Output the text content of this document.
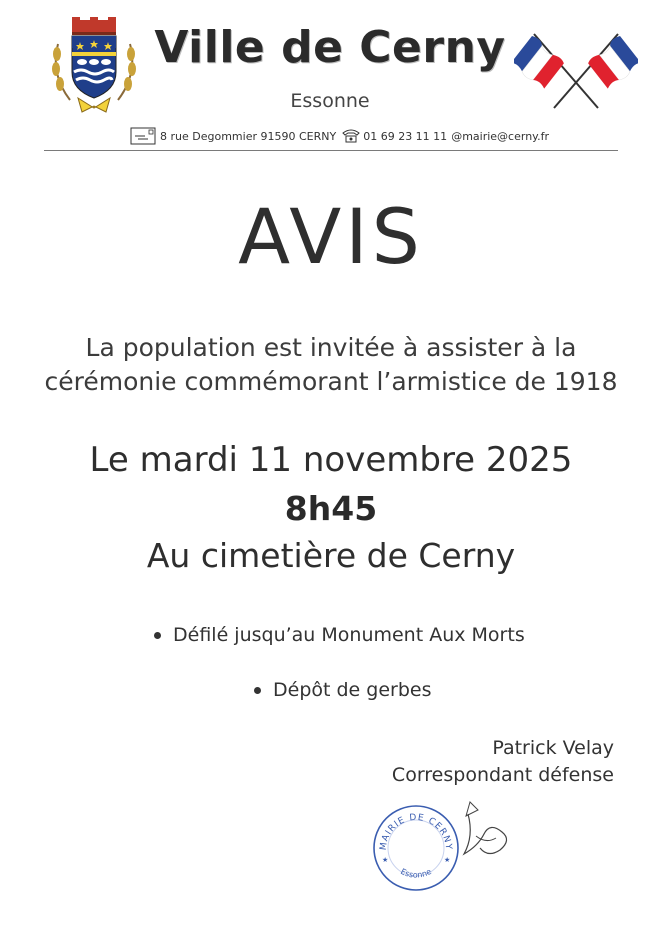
Ville de Cerny
Essonne
8 rue Degommier 91590 CERNY 01 69 23 11 11 @mairie@cerny.fr
AVIS
La population est invitée à assister à la
cérémonie commémorant l’armistice de 1918
Le mardi 11 novembre 2025
8h45
Au cimetière de Cerny
Défilé jusqu’au Monument Aux Morts
Dépôt de gerbes
Patrick Velay
Correspondant défense
MAIRIE DE CERNY
Essonne
★	★
